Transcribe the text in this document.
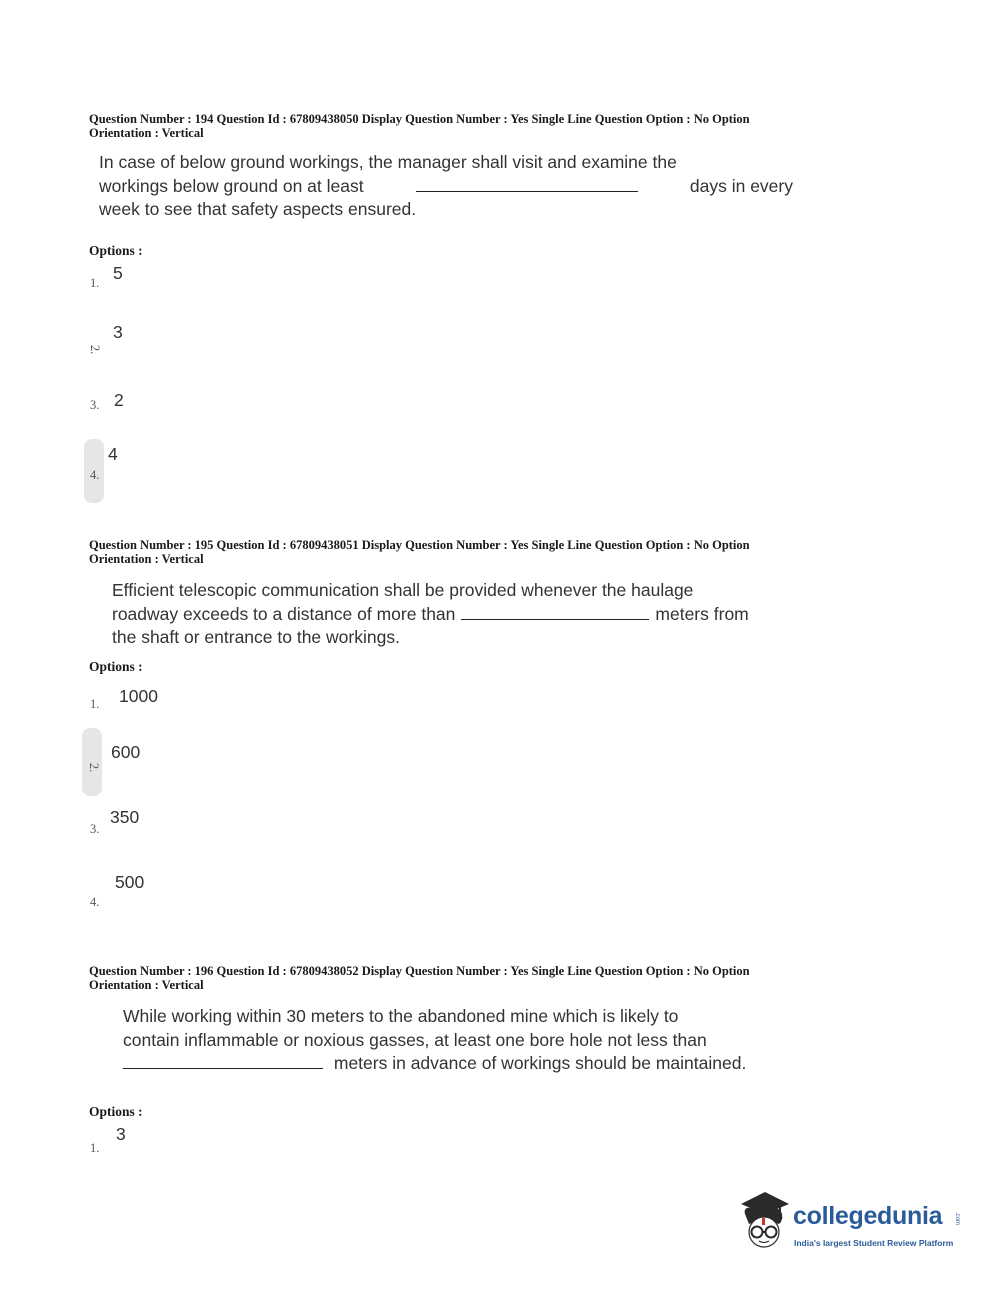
Question Number : 194 Question Id : 67809438050 Display Question Number : Yes Single Line Question Option : No Option
Orientation : Vertical
In case of below ground workings, the manager shall visit and examine the
workings below ground on at least	days in every
week to see that safety aspects ensured.
Options :
5
1.
3
2.
2
3.
4
4.
Question Number : 195 Question Id : 67809438051 Display Question Number : Yes Single Line Question Option : No Option
Orientation : Vertical
Efficient telescopic communication shall be provided whenever the haulage
roadway exceeds to a distance of more than	meters from
the shaft or entrance to the workings.
Options :
1000
1.
600
2.
350
3.
500
4.
Question Number : 196 Question Id : 67809438052 Display Question Number : Yes Single Line Question Option : No Option
Orientation : Vertical
While working within 30 meters to the abandoned mine which is likely to
contain inflammable or noxious gasses, at least one bore hole not less than
meters in advance of workings should be maintained.
Options :
3
1.
collegedunia .com
India's largest Student Review Platform
